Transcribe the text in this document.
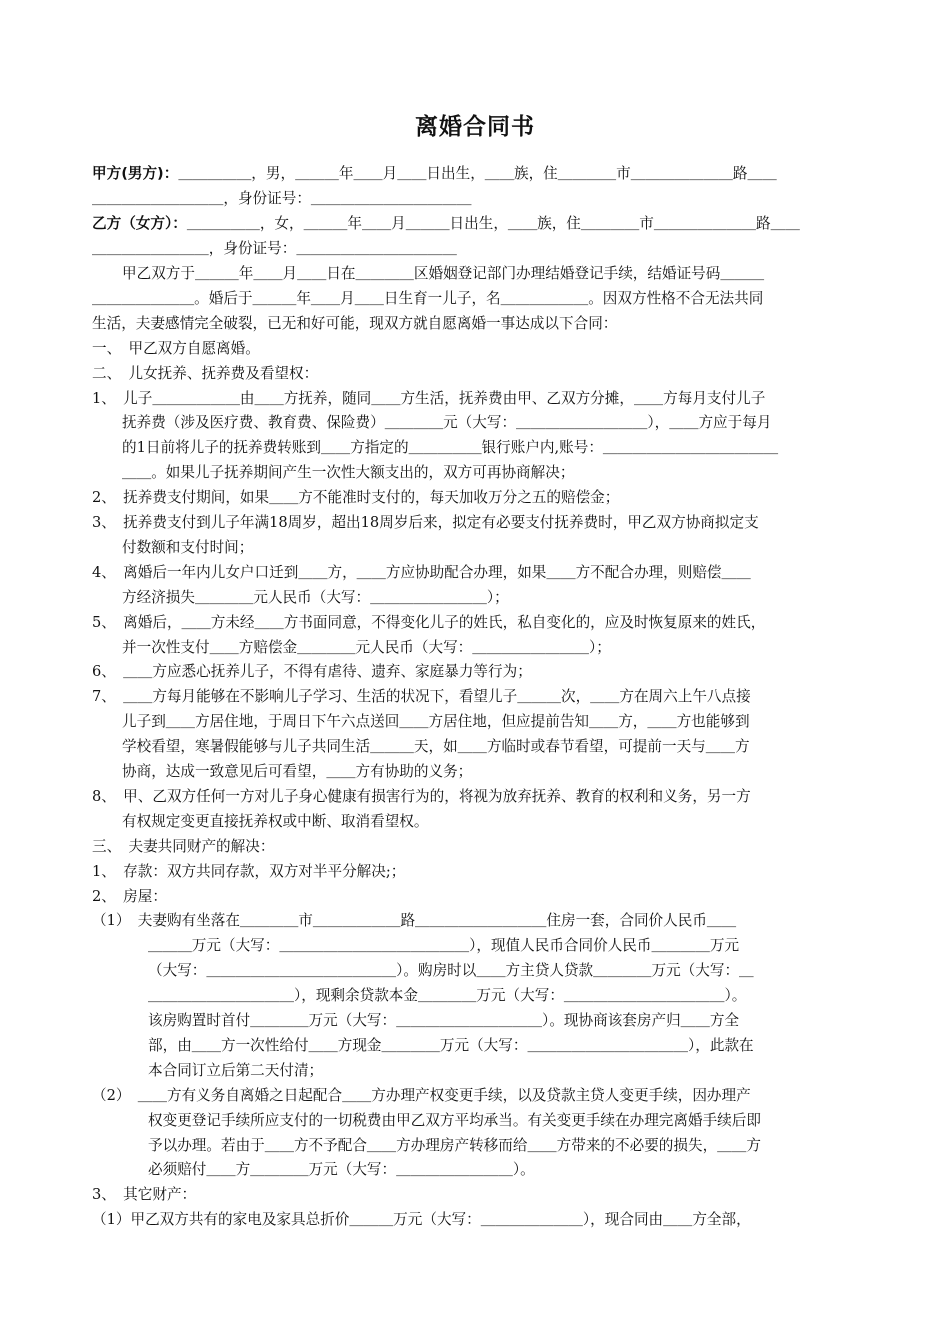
离婚合同书
甲方(男方)：＿＿＿＿＿，男，＿＿＿年＿＿月＿＿日出生，＿＿族，住＿＿＿＿市＿＿＿＿＿＿＿路＿＿
＿＿＿＿＿＿＿＿＿，身份证号：＿＿＿＿＿＿＿＿＿＿＿
乙方（女方）：＿＿＿＿＿，女，＿＿＿年＿＿月＿＿＿日出生，＿＿族，住＿＿＿＿市＿＿＿＿＿＿＿路＿＿
＿＿＿＿＿＿＿＿，身份证号：＿＿＿＿＿＿＿＿＿＿＿
甲乙双方于＿＿＿年＿＿月＿＿日在＿＿＿＿区婚姻登记部门办理结婚登记手续，结婚证号码＿＿＿
＿＿＿＿＿＿＿。婚后于＿＿＿年＿＿月＿＿日生育一儿子，名＿＿＿＿＿＿。因双方性格不合无法共同
生活，夫妻感情完全破裂，已无和好可能，现双方就自愿离婚一事达成以下合同：
一、　甲乙双方自愿离婚。
二、　儿女抚养、抚养费及看望权：
1、　儿子＿＿＿＿＿＿由＿＿方抚养，随同＿＿方生活，抚养费由甲、乙双方分摊，＿＿方每月支付儿子
抚养费（涉及医疗费、教育费、保险费）＿＿＿＿元（大写：＿＿＿＿＿＿＿＿＿），＿＿方应于每月
的1日前将儿子的抚养费转账到＿＿方指定的＿＿＿＿＿银行账户内,账号：＿＿＿＿＿＿＿＿＿＿＿＿
＿＿。如果儿子抚养期间产生一次性大额支出的，双方可再协商解决；
2、　抚养费支付期间，如果＿＿方不能准时支付的，每天加收万分之五的赔偿金；
3、　抚养费支付到儿子年满18周岁，超出18周岁后来，拟定有必要支付抚养费时，甲乙双方协商拟定支
付数额和支付时间；
4、　离婚后一年内儿女户口迁到＿＿方，＿＿方应协助配合办理，如果＿＿方不配合办理，则赔偿＿＿
方经济损失＿＿＿＿元人民币（大写：＿＿＿＿＿＿＿＿）；
5、　离婚后，＿＿方未经＿＿方书面同意，不得变化儿子的姓氏，私自变化的，应及时恢复原来的姓氏，
并一次性支付＿＿方赔偿金＿＿＿＿元人民币（大写：＿＿＿＿＿＿＿＿）；
6、　＿＿方应悉心抚养儿子，不得有虐待、遗弃、家庭暴力等行为；
7、　＿＿方每月能够在不影响儿子学习、生活的状况下，看望儿子＿＿＿次，＿＿方在周六上午八点接
儿子到＿＿方居住地，于周日下午六点送回＿＿方居住地，但应提前告知＿＿方，＿＿方也能够到
学校看望，寒暑假能够与儿子共同生活＿＿＿天，如＿＿方临时或春节看望，可提前一天与＿＿方
协商，达成一致意见后可看望，＿＿方有协助的义务；
8、　甲、乙双方任何一方对儿子身心健康有损害行为的，将视为放弃抚养、教育的权利和义务，另一方
有权规定变更直接抚养权或中断、取消看望权。
三、　夫妻共同财产的解决：
1、　存款：双方共同存款，双方对半平分解决;；
2、　房屋：
（1）　夫妻购有坐落在＿＿＿＿市＿＿＿＿＿＿路＿＿＿＿＿＿＿＿＿住房一套，合同价人民币＿＿
＿＿＿万元（大写：＿＿＿＿＿＿＿＿＿＿＿＿＿），现值人民币合同价人民币＿＿＿＿万元
（大写：＿＿＿＿＿＿＿＿＿＿＿＿＿）。购房时以＿＿方主贷人贷款＿＿＿＿万元（大写：＿
＿＿＿＿＿＿＿＿＿＿），现剩余贷款本金＿＿＿＿万元（大写：＿＿＿＿＿＿＿＿＿＿＿）。
该房购置时首付＿＿＿＿万元（大写：＿＿＿＿＿＿＿＿＿＿）。现协商该套房产归＿＿方全
部，由＿＿方一次性给付＿＿方现金＿＿＿＿万元（大写：＿＿＿＿＿＿＿＿＿＿＿），此款在
本合同订立后第二天付清；
（2）　＿＿方有义务自离婚之日起配合＿＿方办理产权变更手续，以及贷款主贷人变更手续，因办理产
权变更登记手续所应支付的一切税费由甲乙双方平均承当。有关变更手续在办理完离婚手续后即
予以办理。若由于＿＿方不予配合＿＿方办理房产转移而给＿＿方带来的不必要的损失，＿＿方
必须赔付＿＿方＿＿＿＿万元（大写：＿＿＿＿＿＿＿＿）。
3、　其它财产：
（1）甲乙双方共有的家电及家具总折价＿＿＿万元（大写：＿＿＿＿＿＿＿），现合同由＿＿方全部，
